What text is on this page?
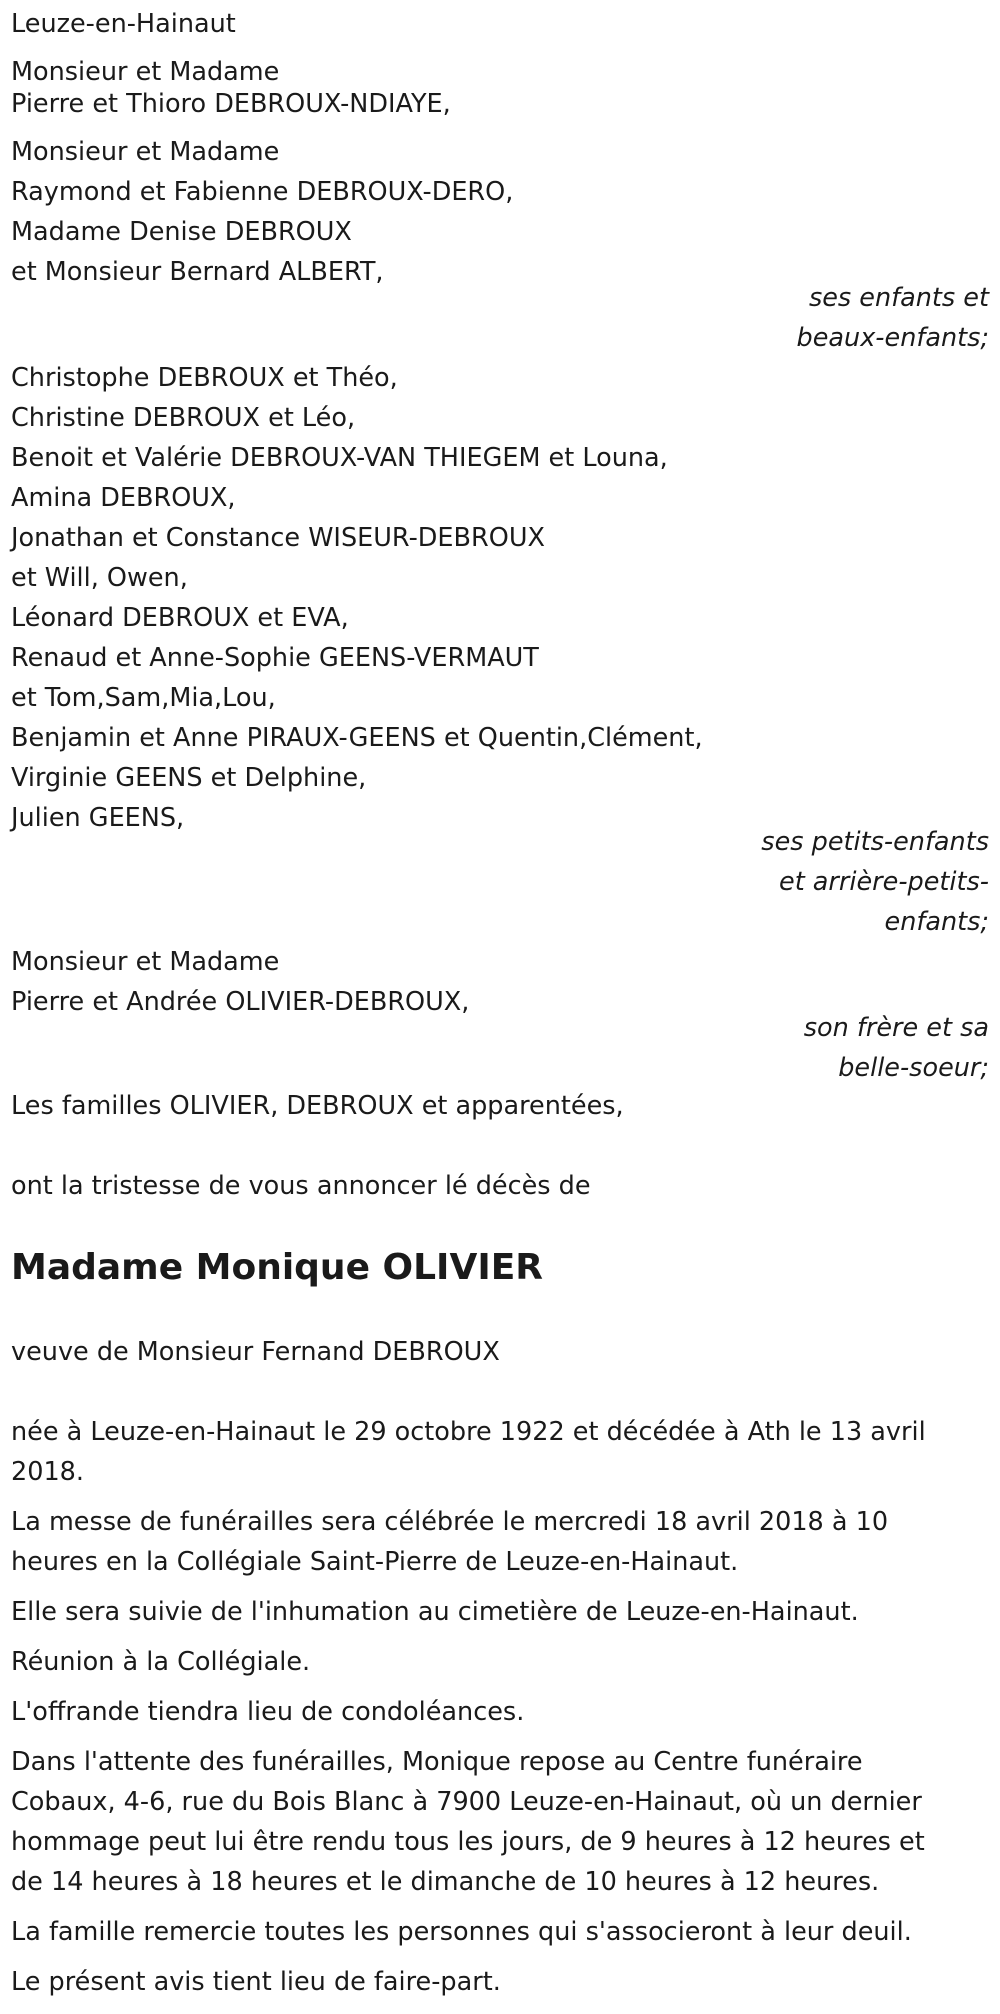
Leuze-en-Hainaut
Monsieur et Madame
Pierre et Thioro DEBROUX-NDIAYE,
Monsieur et Madame
Raymond et Fabienne DEBROUX-DERO,
Madame Denise DEBROUX
et Monsieur Bernard ALBERT,
ses enfants et
beaux-enfants;
Christophe DEBROUX et Théo,
Christine DEBROUX et Léo,
Benoit et Valérie DEBROUX-VAN THIEGEM et Louna,
Amina DEBROUX,
Jonathan et Constance WISEUR-DEBROUX
et Will, Owen,
Léonard DEBROUX et EVA,
Renaud et Anne-Sophie GEENS-VERMAUT
et Tom,Sam,Mia,Lou,
Benjamin et Anne PIRAUX-GEENS et Quentin,Clément,
Virginie GEENS et Delphine,
Julien GEENS,
ses petits-enfants
et arrière-petits-
enfants;
Monsieur et Madame
Pierre et Andrée OLIVIER-DEBROUX,
son frère et sa
belle-soeur;
Les familles OLIVIER, DEBROUX et apparentées,
ont la tristesse de vous annoncer lé décès de
Madame Monique OLIVIER
veuve de Monsieur Fernand DEBROUX
née à Leuze-en-Hainaut le 29 octobre 1922 et décédée à Ath le 13 avril
2018.
La messe de funérailles sera célébrée le mercredi 18 avril 2018 à 10
heures en la Collégiale Saint-Pierre de Leuze-en-Hainaut.
Elle sera suivie de l'inhumation au cimetière de Leuze-en-Hainaut.
Réunion à la Collégiale.
L'offrande tiendra lieu de condoléances.
Dans l'attente des funérailles, Monique repose au Centre funéraire
Cobaux, 4-6, rue du Bois Blanc à 7900 Leuze-en-Hainaut, où un dernier
hommage peut lui être rendu tous les jours, de 9 heures à 12 heures et
de 14 heures à 18 heures et le dimanche de 10 heures à 12 heures.
La famille remercie toutes les personnes qui s'associeront à leur deuil.
Le présent avis tient lieu de faire-part.
